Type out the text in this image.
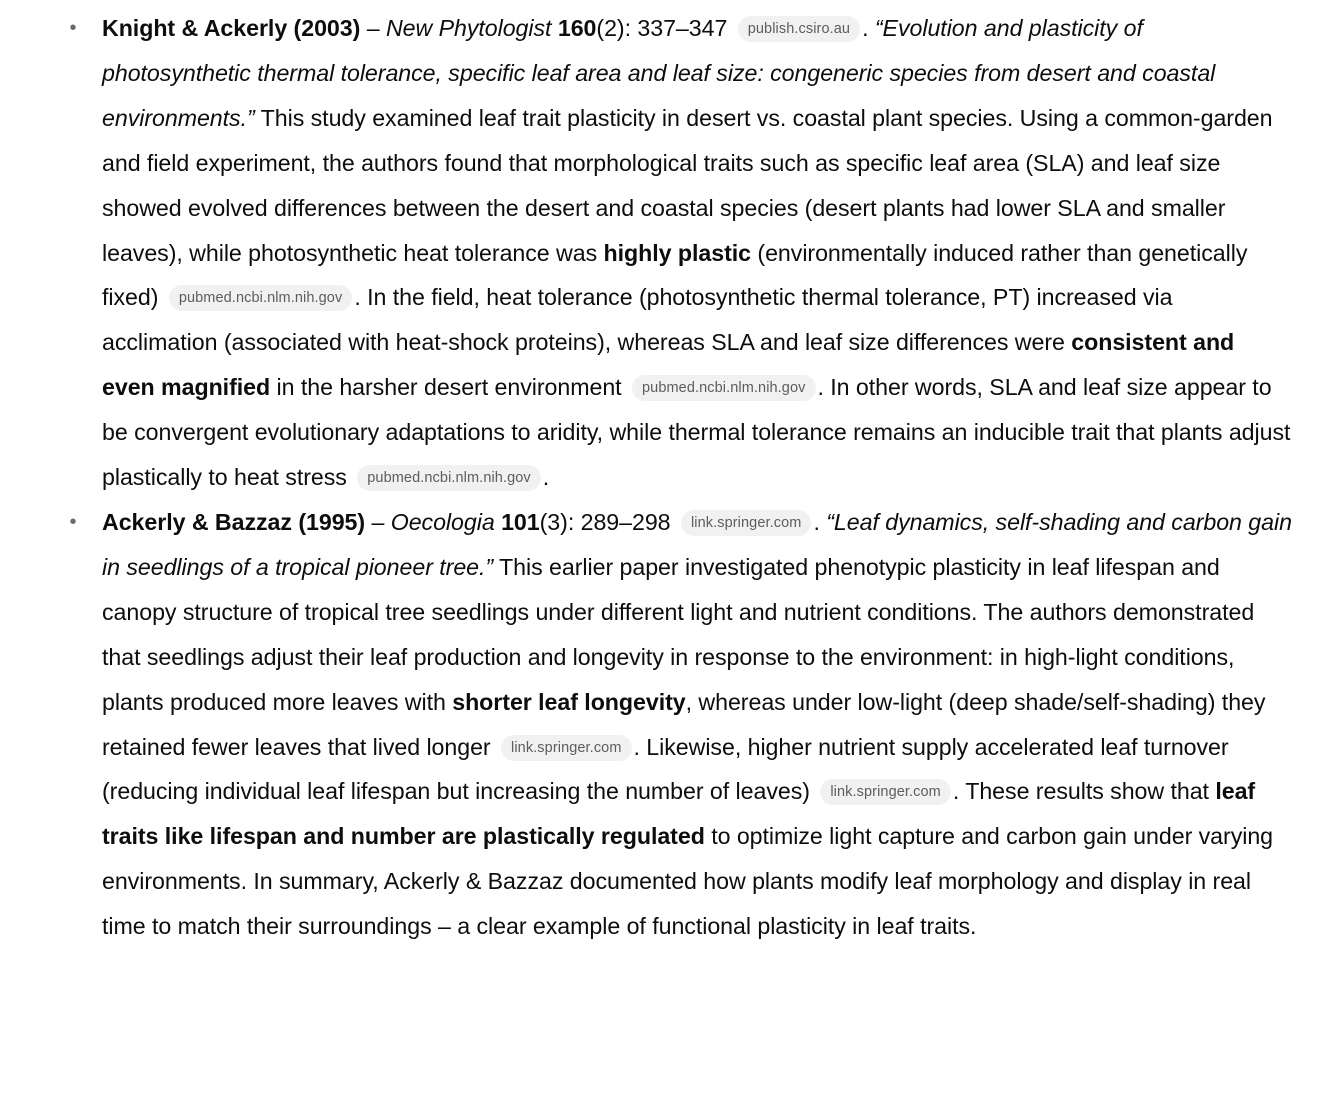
• Knight & Ackerly (2003) – New Phytologist 160(2): 337–347 publish.csiro.au . “Evolution and plasticity of photosynthetic thermal tolerance, specific leaf area and leaf size: congeneric species from desert and coastal environments.” This study examined leaf trait plasticity in desert vs. coastal plant species. Using a common-garden and field experiment, the authors found that morphological traits such as specific leaf area (SLA) and leaf size showed evolved differences between the desert and coastal species (desert plants had lower SLA and smaller leaves), while photosynthetic heat tolerance was highly plastic (environmentally induced rather than genetically fixed) pubmed.ncbi.nlm.nih.gov . In the field, heat tolerance (photosynthetic thermal tolerance, PT) increased via acclimation (associated with heat-shock proteins), whereas SLA and leaf size differences were consistent and even magnified in the harsher desert environment pubmed.ncbi.nlm.nih.gov . In other words, SLA and leaf size appear to be convergent evolutionary adaptations to aridity, while thermal tolerance remains an inducible trait that plants adjust plastically to heat stress pubmed.ncbi.nlm.nih.gov .
• Ackerly & Bazzaz (1995) – Oecologia 101(3): 289–298 link.springer.com . “Leaf dynamics, self-shading and carbon gain in seedlings of a tropical pioneer tree.” This earlier paper investigated phenotypic plasticity in leaf lifespan and canopy structure of tropical tree seedlings under different light and nutrient conditions. The authors demonstrated that seedlings adjust their leaf production and longevity in response to the environment: in high-light conditions, plants produced more leaves with shorter leaf longevity, whereas under low-light (deep shade/self-shading) they retained fewer leaves that lived longer link.springer.com . Likewise, higher nutrient supply accelerated leaf turnover (reducing individual leaf lifespan but increasing the number of leaves) link.springer.com . These results show that leaf traits like lifespan and number are plastically regulated to optimize light capture and carbon gain under varying environments. In summary, Ackerly & Bazzaz documented how plants modify leaf morphology and display in real time to match their surroundings – a clear example of functional plasticity in leaf traits.
